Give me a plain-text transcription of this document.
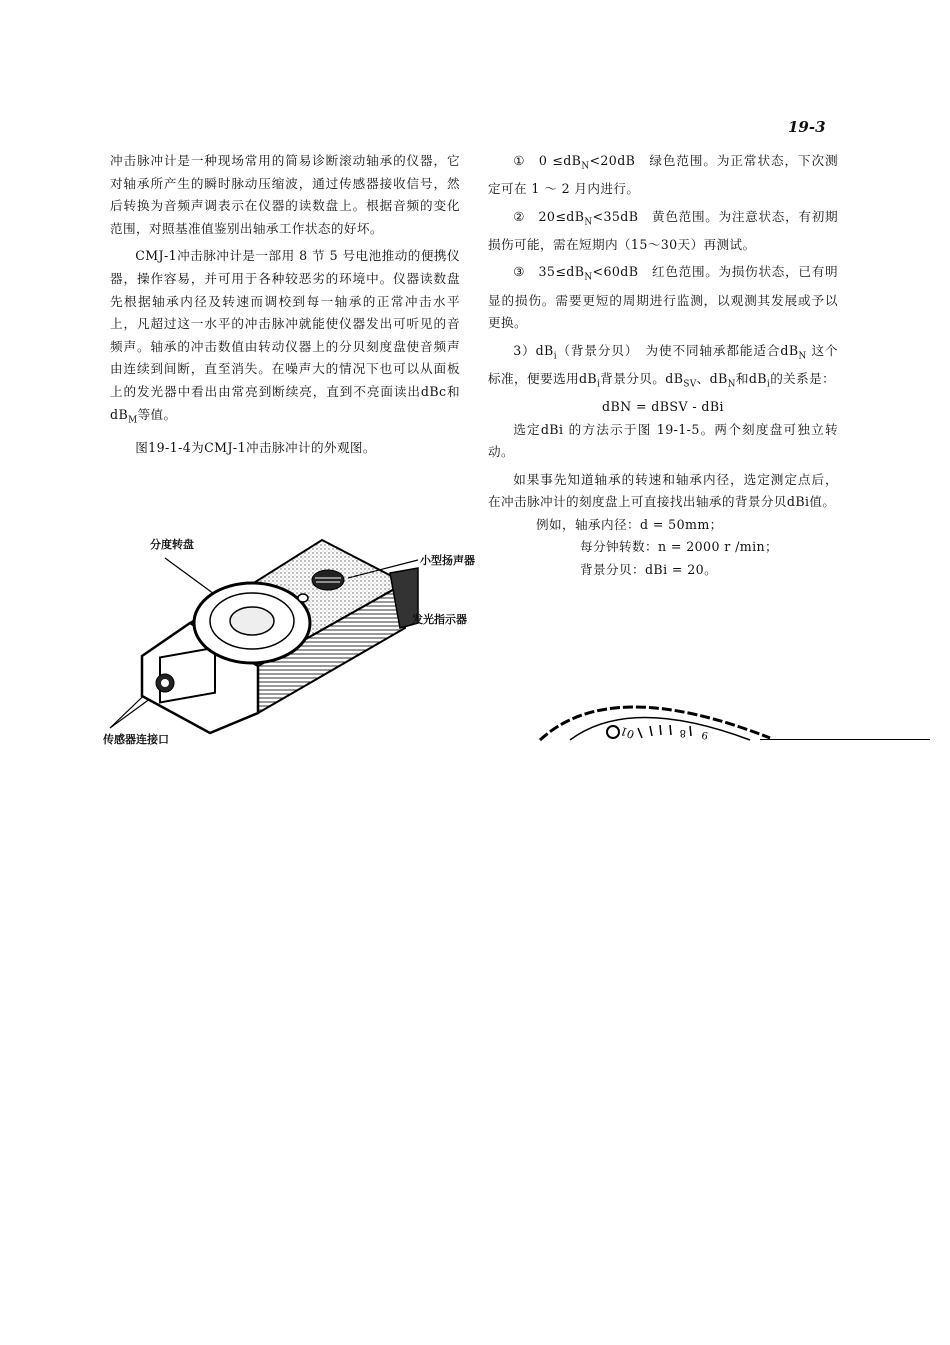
19-3

冲击脉冲计是一种现场常用的简易诊断滚动轴承的仪器，它对轴承所产生的瞬时脉动压缩波，通过传感器接收信号，然后转换为音频声调表示在仪器的读数盘上。根据音频的变化范围，对照基准值鉴别出轴承工作状态的好坏。

CMJ-1冲击脉冲计是一部用 8 节 5 号电池推动的便携仪器，操作容易，并可用于各种较恶劣的环境中。仪器读数盘先根据轴承内径及转速而调校到每一轴承的正常冲击水平上，凡超过这一水平的冲击脉冲就能使仪器发出可听见的音频声。轴承的冲击数值由转动仪器上的分贝刻度盘使音频声由连续到间断，直至消失。在噪声大的情况下也可以从面板上的发光器中看出由常亮到断续亮，直到不亮面读出dBc和$dB_M$等值。

图19-1-4为CMJ-1冲击脉冲计的外观图。

分度转盘
小型扬声器
发光指示器
传感器连接口

①　$0 \le dB_N<20dB$　绿色范围。为正常状态，下次测定可在 1 ～ 2 月内进行。

②　$20\le dB_N<35dB$　黄色范围。为注意状态，有初期损伤可能，需在短期内（15～30天）再测试。

③　$35\le dB_N<60dB$　红色范围。为损伤状态，已有明显的损伤。需要更短的周期进行监测，以观测其发展或予以更换。

$3)dB_i$（背景分贝）　为使不同轴承都能适合$dB_N$ 这个标准，便要选用$dB_i$背景分贝。$dB_{SV}$、$dB_N$和$dB_i$的关系是：

dBN = dBSV - dBi

选定dBi 的方法示于图 19-1-5。两个刻度盘可独立转动。

如果事先知道轴承的转速和轴承内径，选定测定点后，在冲击脉冲计的刻度盘上可直接找出轴承的背景分贝dBi值。

例如，轴承内径：d = 50mm；

每分钟转数：n = 2000 r /min；

背景分贝：dBi = 20。

01	8 9
